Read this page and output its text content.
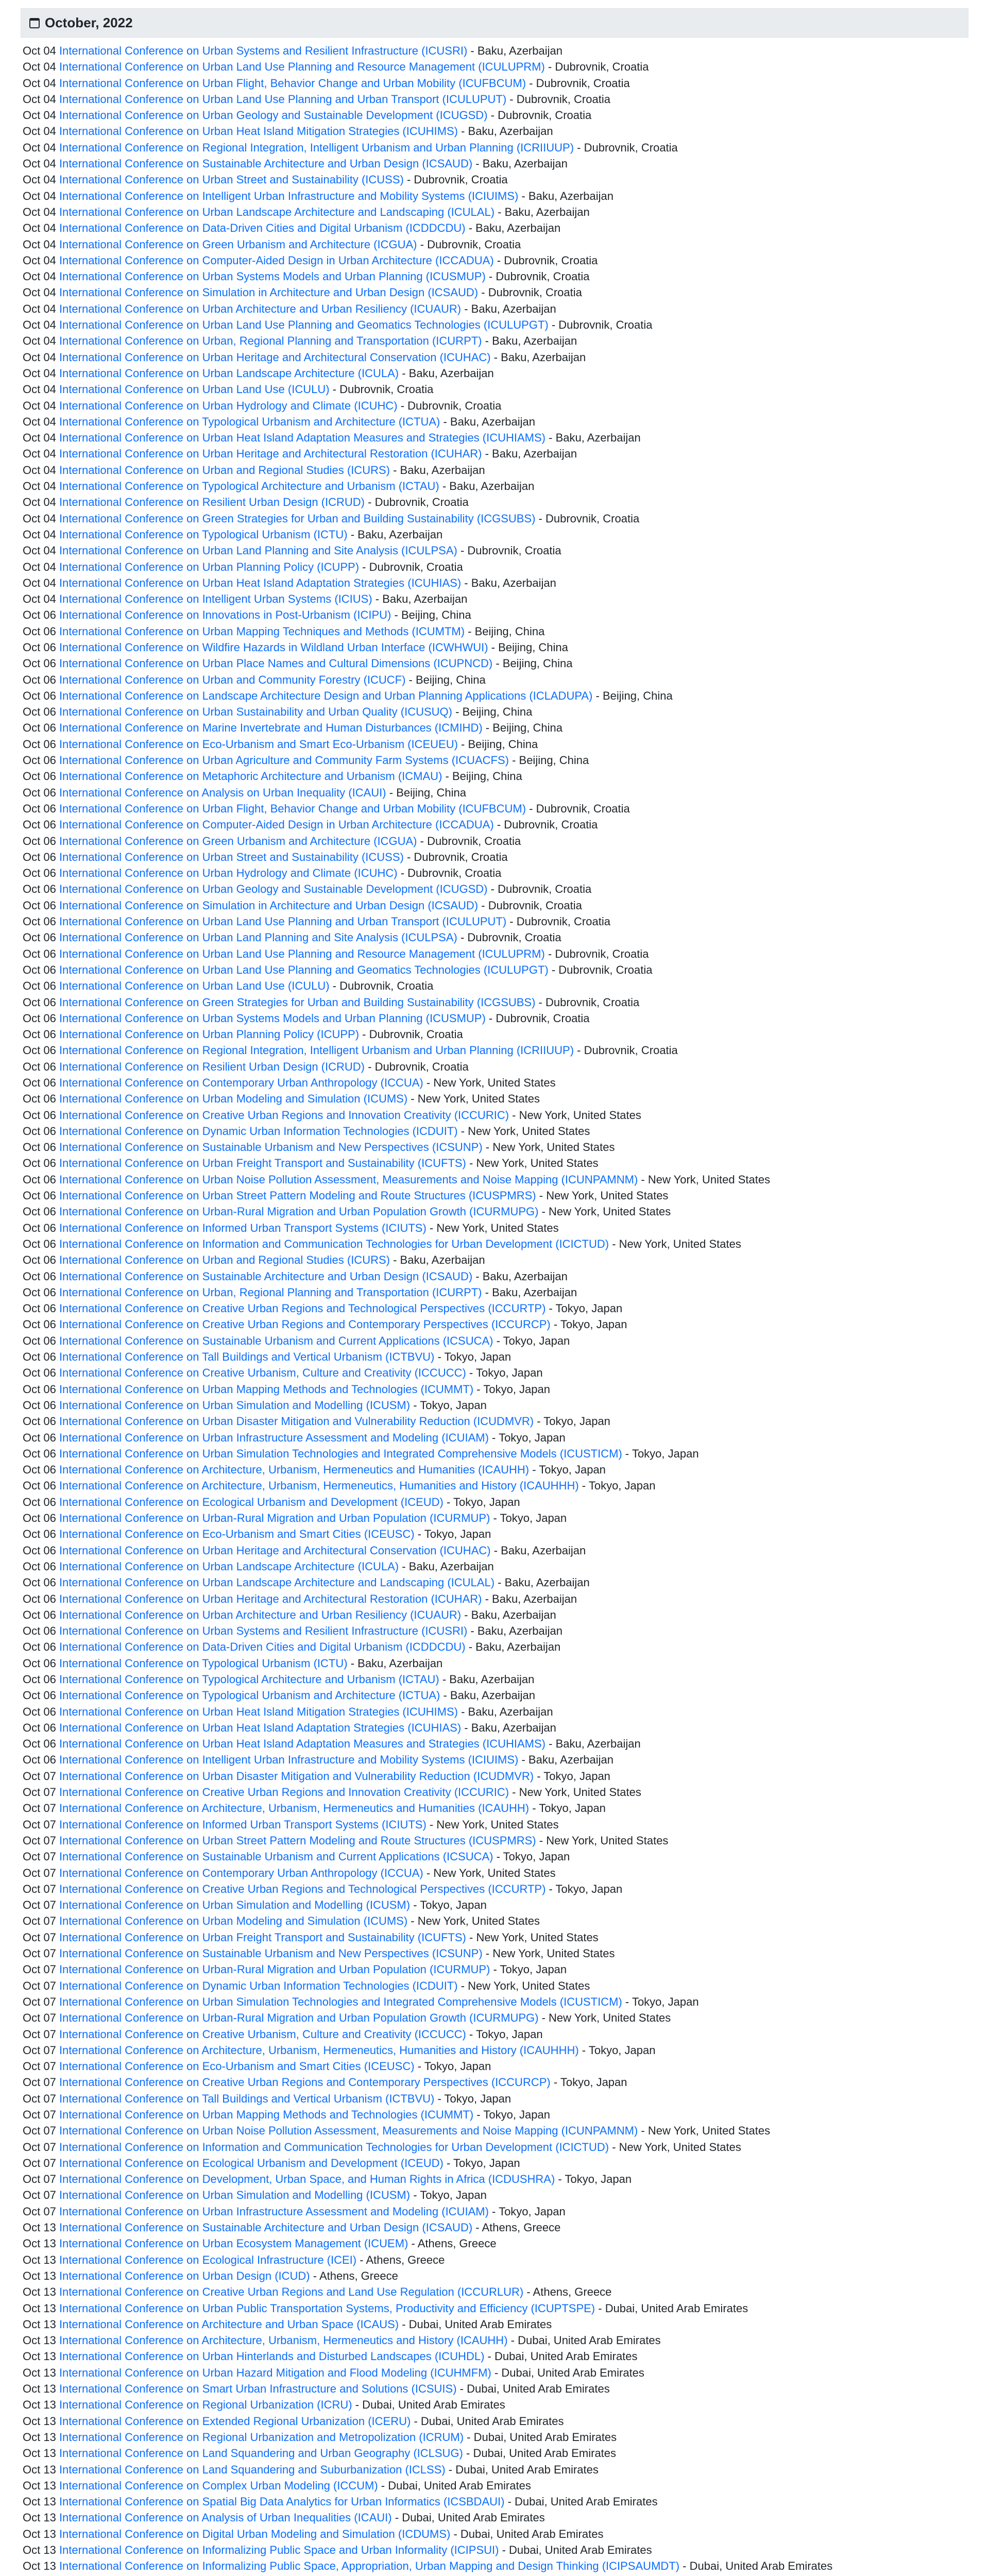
October, 2022
Oct 04 International Conference on Urban Systems and Resilient Infrastructure (ICUSRI) - Baku, Azerbaijan
Oct 04 International Conference on Urban Land Use Planning and Resource Management (ICULUPRM) - Dubrovnik, Croatia
Oct 04 International Conference on Urban Flight, Behavior Change and Urban Mobility (ICUFBCUM) - Dubrovnik, Croatia
Oct 04 International Conference on Urban Land Use Planning and Urban Transport (ICULUPUT) - Dubrovnik, Croatia
Oct 04 International Conference on Urban Geology and Sustainable Development (ICUGSD) - Dubrovnik, Croatia
Oct 04 International Conference on Urban Heat Island Mitigation Strategies (ICUHIMS) - Baku, Azerbaijan
Oct 04 International Conference on Regional Integration, Intelligent Urbanism and Urban Planning (ICRIIUUP) - Dubrovnik, Croatia
Oct 04 International Conference on Sustainable Architecture and Urban Design (ICSAUD) - Baku, Azerbaijan
Oct 04 International Conference on Urban Street and Sustainability (ICUSS) - Dubrovnik, Croatia
Oct 04 International Conference on Intelligent Urban Infrastructure and Mobility Systems (ICIUIMS) - Baku, Azerbaijan
Oct 04 International Conference on Urban Landscape Architecture and Landscaping (ICULAL) - Baku, Azerbaijan
Oct 04 International Conference on Data-Driven Cities and Digital Urbanism (ICDDCDU) - Baku, Azerbaijan
Oct 04 International Conference on Green Urbanism and Architecture (ICGUA) - Dubrovnik, Croatia
Oct 04 International Conference on Computer-Aided Design in Urban Architecture (ICCADUA) - Dubrovnik, Croatia
Oct 04 International Conference on Urban Systems Models and Urban Planning (ICUSMUP) - Dubrovnik, Croatia
Oct 04 International Conference on Simulation in Architecture and Urban Design (ICSAUD) - Dubrovnik, Croatia
Oct 04 International Conference on Urban Architecture and Urban Resiliency (ICUAUR) - Baku, Azerbaijan
Oct 04 International Conference on Urban Land Use Planning and Geomatics Technologies (ICULUPGT) - Dubrovnik, Croatia
Oct 04 International Conference on Urban, Regional Planning and Transportation (ICURPT) - Baku, Azerbaijan
Oct 04 International Conference on Urban Heritage and Architectural Conservation (ICUHAC) - Baku, Azerbaijan
Oct 04 International Conference on Urban Landscape Architecture (ICULA) - Baku, Azerbaijan
Oct 04 International Conference on Urban Land Use (ICULU) - Dubrovnik, Croatia
Oct 04 International Conference on Urban Hydrology and Climate (ICUHC) - Dubrovnik, Croatia
Oct 04 International Conference on Typological Urbanism and Architecture (ICTUA) - Baku, Azerbaijan
Oct 04 International Conference on Urban Heat Island Adaptation Measures and Strategies (ICUHIAMS) - Baku, Azerbaijan
Oct 04 International Conference on Urban Heritage and Architectural Restoration (ICUHAR) - Baku, Azerbaijan
Oct 04 International Conference on Urban and Regional Studies (ICURS) - Baku, Azerbaijan
Oct 04 International Conference on Typological Architecture and Urbanism (ICTAU) - Baku, Azerbaijan
Oct 04 International Conference on Resilient Urban Design (ICRUD) - Dubrovnik, Croatia
Oct 04 International Conference on Green Strategies for Urban and Building Sustainability (ICGSUBS) - Dubrovnik, Croatia
Oct 04 International Conference on Typological Urbanism (ICTU) - Baku, Azerbaijan
Oct 04 International Conference on Urban Land Planning and Site Analysis (ICULPSA) - Dubrovnik, Croatia
Oct 04 International Conference on Urban Planning Policy (ICUPP) - Dubrovnik, Croatia
Oct 04 International Conference on Urban Heat Island Adaptation Strategies (ICUHIAS) - Baku, Azerbaijan
Oct 04 International Conference on Intelligent Urban Systems (ICIUS) - Baku, Azerbaijan
Oct 06 International Conference on Innovations in Post-Urbanism (ICIPU) - Beijing, China
Oct 06 International Conference on Urban Mapping Techniques and Methods (ICUMTM) - Beijing, China
Oct 06 International Conference on Wildfire Hazards in Wildland Urban Interface (ICWHWUI) - Beijing, China
Oct 06 International Conference on Urban Place Names and Cultural Dimensions (ICUPNCD) - Beijing, China
Oct 06 International Conference on Urban and Community Forestry (ICUCF) - Beijing, China
Oct 06 International Conference on Landscape Architecture Design and Urban Planning Applications (ICLADUPA) - Beijing, China
Oct 06 International Conference on Urban Sustainability and Urban Quality (ICUSUQ) - Beijing, China
Oct 06 International Conference on Marine Invertebrate and Human Disturbances (ICMIHD) - Beijing, China
Oct 06 International Conference on Eco-Urbanism and Smart Eco-Urbanism (ICEUEU) - Beijing, China
Oct 06 International Conference on Urban Agriculture and Community Farm Systems (ICUACFS) - Beijing, China
Oct 06 International Conference on Metaphoric Architecture and Urbanism (ICMAU) - Beijing, China
Oct 06 International Conference on Analysis on Urban Inequality (ICAUI) - Beijing, China
Oct 06 International Conference on Urban Flight, Behavior Change and Urban Mobility (ICUFBCUM) - Dubrovnik, Croatia
Oct 06 International Conference on Computer-Aided Design in Urban Architecture (ICCADUA) - Dubrovnik, Croatia
Oct 06 International Conference on Green Urbanism and Architecture (ICGUA) - Dubrovnik, Croatia
Oct 06 International Conference on Urban Street and Sustainability (ICUSS) - Dubrovnik, Croatia
Oct 06 International Conference on Urban Hydrology and Climate (ICUHC) - Dubrovnik, Croatia
Oct 06 International Conference on Urban Geology and Sustainable Development (ICUGSD) - Dubrovnik, Croatia
Oct 06 International Conference on Simulation in Architecture and Urban Design (ICSAUD) - Dubrovnik, Croatia
Oct 06 International Conference on Urban Land Use Planning and Urban Transport (ICULUPUT) - Dubrovnik, Croatia
Oct 06 International Conference on Urban Land Planning and Site Analysis (ICULPSA) - Dubrovnik, Croatia
Oct 06 International Conference on Urban Land Use Planning and Resource Management (ICULUPRM) - Dubrovnik, Croatia
Oct 06 International Conference on Urban Land Use Planning and Geomatics Technologies (ICULUPGT) - Dubrovnik, Croatia
Oct 06 International Conference on Urban Land Use (ICULU) - Dubrovnik, Croatia
Oct 06 International Conference on Green Strategies for Urban and Building Sustainability (ICGSUBS) - Dubrovnik, Croatia
Oct 06 International Conference on Urban Systems Models and Urban Planning (ICUSMUP) - Dubrovnik, Croatia
Oct 06 International Conference on Urban Planning Policy (ICUPP) - Dubrovnik, Croatia
Oct 06 International Conference on Regional Integration, Intelligent Urbanism and Urban Planning (ICRIIUUP) - Dubrovnik, Croatia
Oct 06 International Conference on Resilient Urban Design (ICRUD) - Dubrovnik, Croatia
Oct 06 International Conference on Contemporary Urban Anthropology (ICCUA) - New York, United States
Oct 06 International Conference on Urban Modeling and Simulation (ICUMS) - New York, United States
Oct 06 International Conference on Creative Urban Regions and Innovation Creativity (ICCURIC) - New York, United States
Oct 06 International Conference on Dynamic Urban Information Technologies (ICDUIT) - New York, United States
Oct 06 International Conference on Sustainable Urbanism and New Perspectives (ICSUNP) - New York, United States
Oct 06 International Conference on Urban Freight Transport and Sustainability (ICUFTS) - New York, United States
Oct 06 International Conference on Urban Noise Pollution Assessment, Measurements and Noise Mapping (ICUNPAMNM) - New York, United States
Oct 06 International Conference on Urban Street Pattern Modeling and Route Structures (ICUSPMRS) - New York, United States
Oct 06 International Conference on Urban-Rural Migration and Urban Population Growth (ICURMUPG) - New York, United States
Oct 06 International Conference on Informed Urban Transport Systems (ICIUTS) - New York, United States
Oct 06 International Conference on Information and Communication Technologies for Urban Development (ICICTUD) - New York, United States
Oct 06 International Conference on Urban and Regional Studies (ICURS) - Baku, Azerbaijan
Oct 06 International Conference on Sustainable Architecture and Urban Design (ICSAUD) - Baku, Azerbaijan
Oct 06 International Conference on Urban, Regional Planning and Transportation (ICURPT) - Baku, Azerbaijan
Oct 06 International Conference on Creative Urban Regions and Technological Perspectives (ICCURTP) - Tokyo, Japan
Oct 06 International Conference on Creative Urban Regions and Contemporary Perspectives (ICCURCP) - Tokyo, Japan
Oct 06 International Conference on Sustainable Urbanism and Current Applications (ICSUCA) - Tokyo, Japan
Oct 06 International Conference on Tall Buildings and Vertical Urbanism (ICTBVU) - Tokyo, Japan
Oct 06 International Conference on Creative Urbanism, Culture and Creativity (ICCUCC) - Tokyo, Japan
Oct 06 International Conference on Urban Mapping Methods and Technologies (ICUMMT) - Tokyo, Japan
Oct 06 International Conference on Urban Simulation and Modelling (ICUSM) - Tokyo, Japan
Oct 06 International Conference on Urban Disaster Mitigation and Vulnerability Reduction (ICUDMVR) - Tokyo, Japan
Oct 06 International Conference on Urban Infrastructure Assessment and Modeling (ICUIAM) - Tokyo, Japan
Oct 06 International Conference on Urban Simulation Technologies and Integrated Comprehensive Models (ICUSTICM) - Tokyo, Japan
Oct 06 International Conference on Architecture, Urbanism, Hermeneutics and Humanities (ICAUHH) - Tokyo, Japan
Oct 06 International Conference on Architecture, Urbanism, Hermeneutics, Humanities and History (ICAUHHH) - Tokyo, Japan
Oct 06 International Conference on Ecological Urbanism and Development (ICEUD) - Tokyo, Japan
Oct 06 International Conference on Urban-Rural Migration and Urban Population (ICURMUP) - Tokyo, Japan
Oct 06 International Conference on Eco-Urbanism and Smart Cities (ICEUSC) - Tokyo, Japan
Oct 06 International Conference on Urban Heritage and Architectural Conservation (ICUHAC) - Baku, Azerbaijan
Oct 06 International Conference on Urban Landscape Architecture (ICULA) - Baku, Azerbaijan
Oct 06 International Conference on Urban Landscape Architecture and Landscaping (ICULAL) - Baku, Azerbaijan
Oct 06 International Conference on Urban Heritage and Architectural Restoration (ICUHAR) - Baku, Azerbaijan
Oct 06 International Conference on Urban Architecture and Urban Resiliency (ICUAUR) - Baku, Azerbaijan
Oct 06 International Conference on Urban Systems and Resilient Infrastructure (ICUSRI) - Baku, Azerbaijan
Oct 06 International Conference on Data-Driven Cities and Digital Urbanism (ICDDCDU) - Baku, Azerbaijan
Oct 06 International Conference on Typological Urbanism (ICTU) - Baku, Azerbaijan
Oct 06 International Conference on Typological Architecture and Urbanism (ICTAU) - Baku, Azerbaijan
Oct 06 International Conference on Typological Urbanism and Architecture (ICTUA) - Baku, Azerbaijan
Oct 06 International Conference on Urban Heat Island Mitigation Strategies (ICUHIMS) - Baku, Azerbaijan
Oct 06 International Conference on Urban Heat Island Adaptation Strategies (ICUHIAS) - Baku, Azerbaijan
Oct 06 International Conference on Urban Heat Island Adaptation Measures and Strategies (ICUHIAMS) - Baku, Azerbaijan
Oct 06 International Conference on Intelligent Urban Infrastructure and Mobility Systems (ICIUIMS) - Baku, Azerbaijan
Oct 07 International Conference on Urban Disaster Mitigation and Vulnerability Reduction (ICUDMVR) - Tokyo, Japan
Oct 07 International Conference on Creative Urban Regions and Innovation Creativity (ICCURIC) - New York, United States
Oct 07 International Conference on Architecture, Urbanism, Hermeneutics and Humanities (ICAUHH) - Tokyo, Japan
Oct 07 International Conference on Informed Urban Transport Systems (ICIUTS) - New York, United States
Oct 07 International Conference on Urban Street Pattern Modeling and Route Structures (ICUSPMRS) - New York, United States
Oct 07 International Conference on Sustainable Urbanism and Current Applications (ICSUCA) - Tokyo, Japan
Oct 07 International Conference on Contemporary Urban Anthropology (ICCUA) - New York, United States
Oct 07 International Conference on Creative Urban Regions and Technological Perspectives (ICCURTP) - Tokyo, Japan
Oct 07 International Conference on Urban Simulation and Modelling (ICUSM) - Tokyo, Japan
Oct 07 International Conference on Urban Modeling and Simulation (ICUMS) - New York, United States
Oct 07 International Conference on Urban Freight Transport and Sustainability (ICUFTS) - New York, United States
Oct 07 International Conference on Sustainable Urbanism and New Perspectives (ICSUNP) - New York, United States
Oct 07 International Conference on Urban-Rural Migration and Urban Population (ICURMUP) - Tokyo, Japan
Oct 07 International Conference on Dynamic Urban Information Technologies (ICDUIT) - New York, United States
Oct 07 International Conference on Urban Simulation Technologies and Integrated Comprehensive Models (ICUSTICM) - Tokyo, Japan
Oct 07 International Conference on Urban-Rural Migration and Urban Population Growth (ICURMUPG) - New York, United States
Oct 07 International Conference on Creative Urbanism, Culture and Creativity (ICCUCC) - Tokyo, Japan
Oct 07 International Conference on Architecture, Urbanism, Hermeneutics, Humanities and History (ICAUHHH) - Tokyo, Japan
Oct 07 International Conference on Eco-Urbanism and Smart Cities (ICEUSC) - Tokyo, Japan
Oct 07 International Conference on Creative Urban Regions and Contemporary Perspectives (ICCURCP) - Tokyo, Japan
Oct 07 International Conference on Tall Buildings and Vertical Urbanism (ICTBVU) - Tokyo, Japan
Oct 07 International Conference on Urban Mapping Methods and Technologies (ICUMMT) - Tokyo, Japan
Oct 07 International Conference on Urban Noise Pollution Assessment, Measurements and Noise Mapping (ICUNPAMNM) - New York, United States
Oct 07 International Conference on Information and Communication Technologies for Urban Development (ICICTUD) - New York, United States
Oct 07 International Conference on Ecological Urbanism and Development (ICEUD) - Tokyo, Japan
Oct 07 International Conference on Development, Urban Space, and Human Rights in Africa (ICDUSHRA) - Tokyo, Japan
Oct 07 International Conference on Urban Simulation and Modelling (ICUSM) - Tokyo, Japan
Oct 07 International Conference on Urban Infrastructure Assessment and Modeling (ICUIAM) - Tokyo, Japan
Oct 13 International Conference on Sustainable Architecture and Urban Design (ICSAUD) - Athens, Greece
Oct 13 International Conference on Urban Ecosystem Management (ICUEM) - Athens, Greece
Oct 13 International Conference on Ecological Infrastructure (ICEI) - Athens, Greece
Oct 13 International Conference on Urban Design (ICUD) - Athens, Greece
Oct 13 International Conference on Creative Urban Regions and Land Use Regulation (ICCURLUR) - Athens, Greece
Oct 13 International Conference on Urban Public Transportation Systems, Productivity and Efficiency (ICUPTSPE) - Dubai, United Arab Emirates
Oct 13 International Conference on Architecture and Urban Space (ICAUS) - Dubai, United Arab Emirates
Oct 13 International Conference on Architecture, Urbanism, Hermeneutics and History (ICAUHH) - Dubai, United Arab Emirates
Oct 13 International Conference on Urban Hinterlands and Disturbed Landscapes (ICUHDL) - Dubai, United Arab Emirates
Oct 13 International Conference on Urban Hazard Mitigation and Flood Modeling (ICUHMFM) - Dubai, United Arab Emirates
Oct 13 International Conference on Smart Urban Infrastructure and Solutions (ICSUIS) - Dubai, United Arab Emirates
Oct 13 International Conference on Regional Urbanization (ICRU) - Dubai, United Arab Emirates
Oct 13 International Conference on Extended Regional Urbanization (ICERU) - Dubai, United Arab Emirates
Oct 13 International Conference on Regional Urbanization and Metropolization (ICRUM) - Dubai, United Arab Emirates
Oct 13 International Conference on Land Squandering and Urban Geography (ICLSUG) - Dubai, United Arab Emirates
Oct 13 International Conference on Land Squandering and Suburbanization (ICLSS) - Dubai, United Arab Emirates
Oct 13 International Conference on Complex Urban Modeling (ICCUM) - Dubai, United Arab Emirates
Oct 13 International Conference on Spatial Big Data Analytics for Urban Informatics (ICSBDAUI) - Dubai, United Arab Emirates
Oct 13 International Conference on Analysis of Urban Inequalities (ICAUI) - Dubai, United Arab Emirates
Oct 13 International Conference on Digital Urban Modeling and Simulation (ICDUMS) - Dubai, United Arab Emirates
Oct 13 International Conference on Informalizing Public Space and Urban Informality (ICIPSUI) - Dubai, United Arab Emirates
Oct 13 International Conference on Informalizing Public Space, Appropriation, Urban Mapping and Design Thinking (ICIPSAUMDT) - Dubai, United Arab Emirates
